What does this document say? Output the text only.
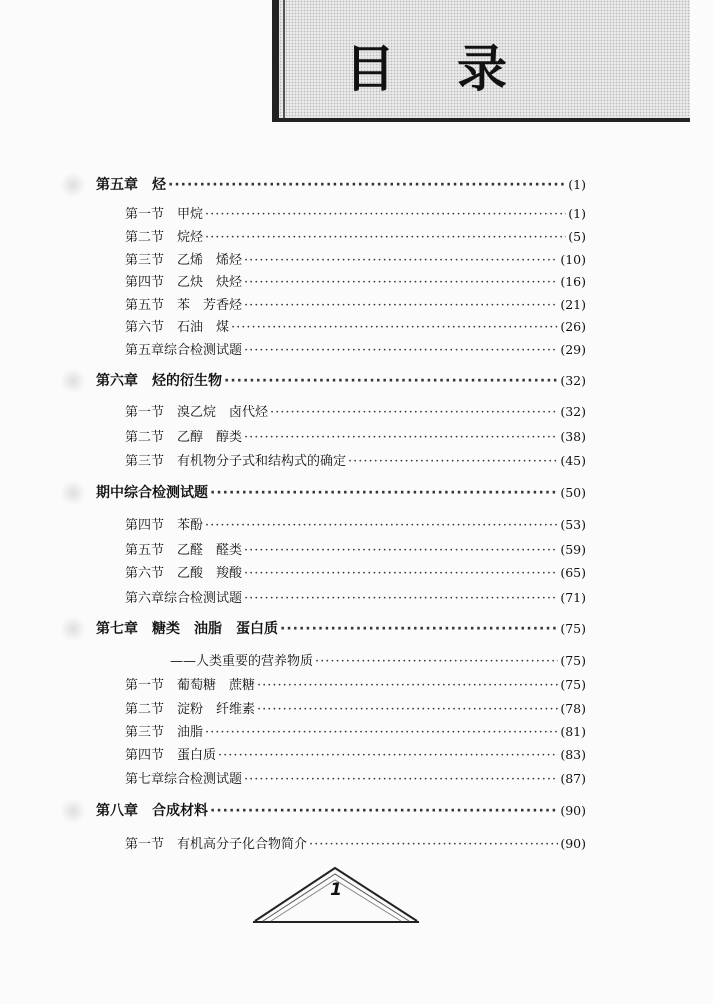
目录
第五章　烃 ·····	(1)
第一节　甲烷 ·····	(1)
第二节　烷烃 ·····	(5)
第三节　乙烯　烯烃 ·····	(10)
第四节　乙炔　炔烃 ·····	(16)
第五节　苯　芳香烃 ·····	(21)
第六节　石油　煤 ·····	(26)
第五章综合检测试题 ·····	(29)
第六章　烃的衍生物 ·····	(32)
第一节　溴乙烷　卤代烃 ·····	(32)
第二节　乙醇　醇类 ·····	(38)
第三节　有机物分子式和结构式的确定 ·····	(45)
期中综合检测试题 ·····	(50)
第四节　苯酚 ·····	(53)
第五节　乙醛　醛类 ·····	(59)
第六节　乙酸　羧酸 ·····	(65)
第六章综合检测试题 ·····	(71)
第七章　糖类　油脂　蛋白质 ·····	(75)
——人类重要的营养物质 ·····	(75)
第一节　葡萄糖　蔗糖 ·····	(75)
第二节　淀粉　纤维素 ·····	(78)
第三节　油脂 ·····	(81)
第四节　蛋白质 ·····	(83)
第七章综合检测试题 ·····	(87)
第八章　合成材料 ·····	(90)
第一节　有机高分子化合物简介 ·····	(90)
1
